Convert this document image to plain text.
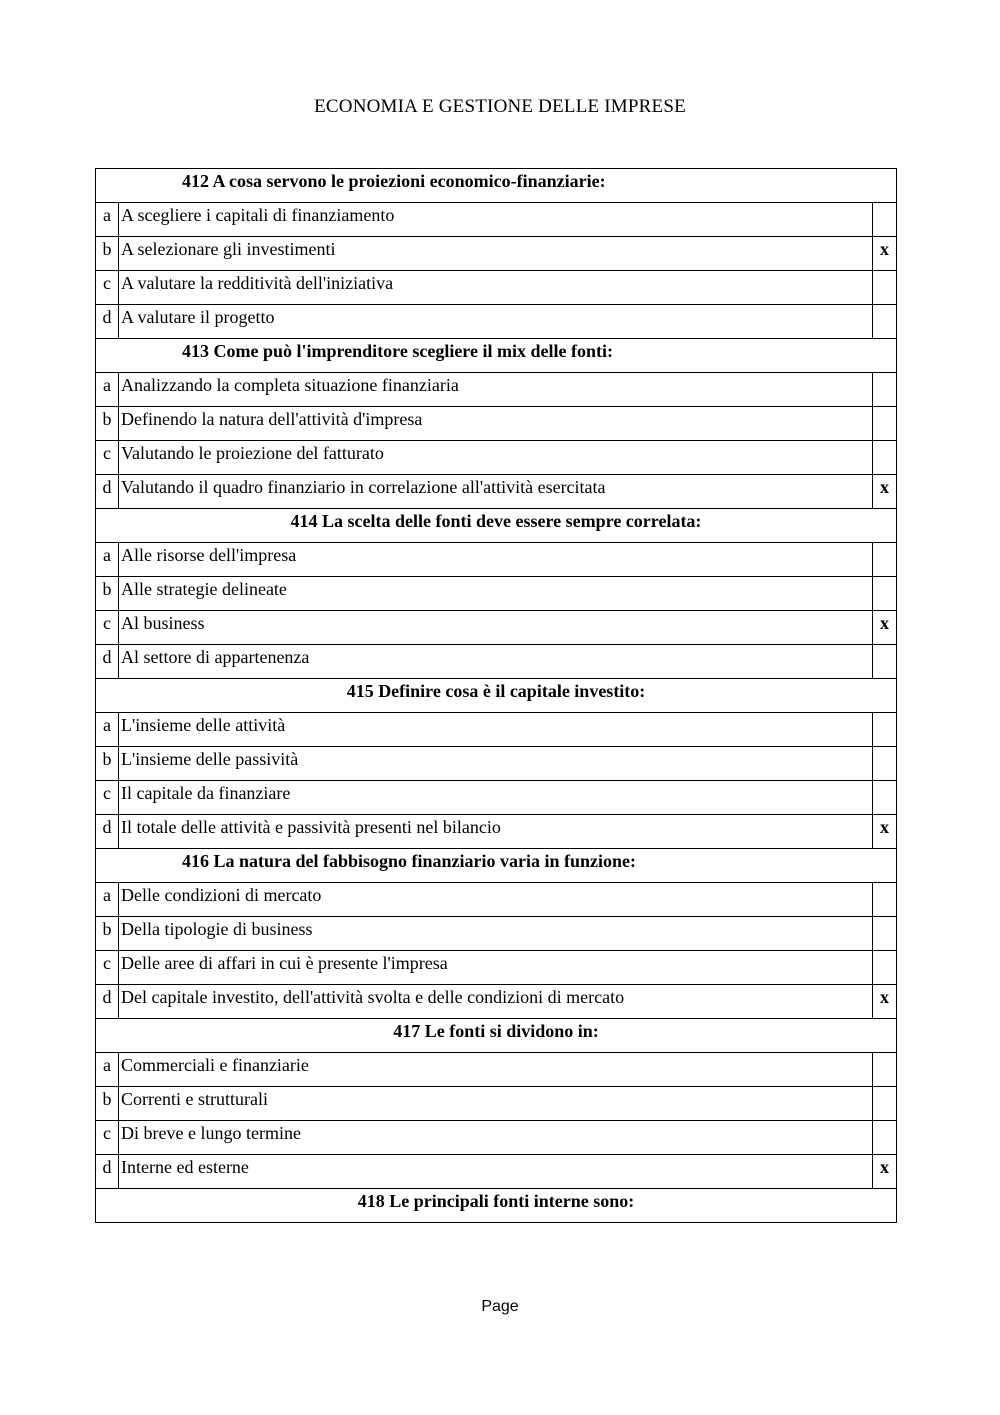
ECONOMIA E GESTIONE DELLE IMPRESE
412 A cosa servono le proiezioni economico-finanziarie:		
a	A scegliere i capitali di finanziamento	
b	A selezionare gli investimenti	x
c	A valutare la redditività dell'iniziativa	
d	A valutare il progetto	
413 Come può l'imprenditore scegliere il mix delle fonti:		
a	Analizzando la completa situazione finanziaria	
b	Definendo la natura dell'attività d'impresa	
c	Valutando le proiezione del fatturato	
d	Valutando il quadro finanziario in correlazione all'attività esercitata	x
414 La scelta delle fonti deve essere sempre correlata:		
a	Alle risorse dell'impresa	
b	Alle strategie delineate	
c	Al business	x
d	Al settore di appartenenza	
415 Definire cosa è il capitale investito:		
a	L'insieme delle attività	
b	L'insieme delle passività	
c	Il capitale da finanziare	
d	Il totale delle attività e passività presenti nel bilancio	x
416 La natura del fabbisogno finanziario varia in funzione:		
a	Delle condizioni di mercato	
b	Della tipologie di business	
c	Delle aree di affari in cui è presente l'impresa	
d	Del capitale investito, dell'attività svolta e delle condizioni di mercato	x
417 Le fonti si dividono in:		
a	Commerciali e finanziarie	
b	Correnti e strutturali	
c	Di breve e lungo termine	
d	Interne ed esterne	x
418 Le principali fonti interne sono:		
Page
